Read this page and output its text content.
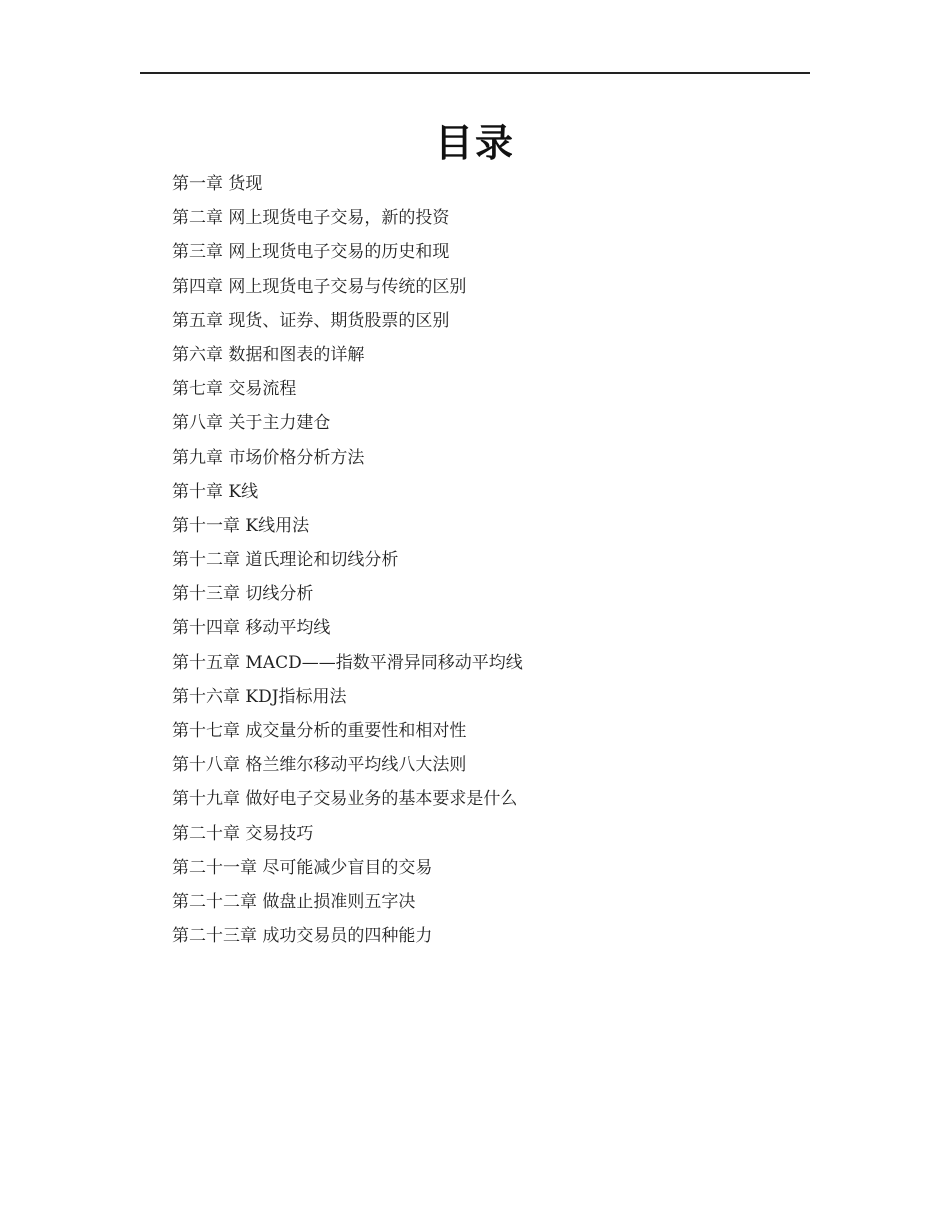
目录
第一章 货现
第二章 网上现货电子交易，新的投资
第三章 网上现货电子交易的历史和现
第四章 网上现货电子交易与传统的区别
第五章 现货、证券、期货股票的区别
第六章 数据和图表的详解
第七章 交易流程
第八章 关于主力建仓
第九章 市场价格分析方法
第十章 K线
第十一章 K线用法
第十二章 道氏理论和切线分析
第十三章 切线分析
第十四章 移动平均线
第十五章 MACD——指数平滑异同移动平均线
第十六章 KDJ指标用法
第十七章 成交量分析的重要性和相对性
第十八章 格兰维尔移动平均线八大法则
第十九章 做好电子交易业务的基本要求是什么
第二十章 交易技巧
第二十一章 尽可能减少盲目的交易
第二十二章 做盘止损准则五字决
第二十三章 成功交易员的四种能力
